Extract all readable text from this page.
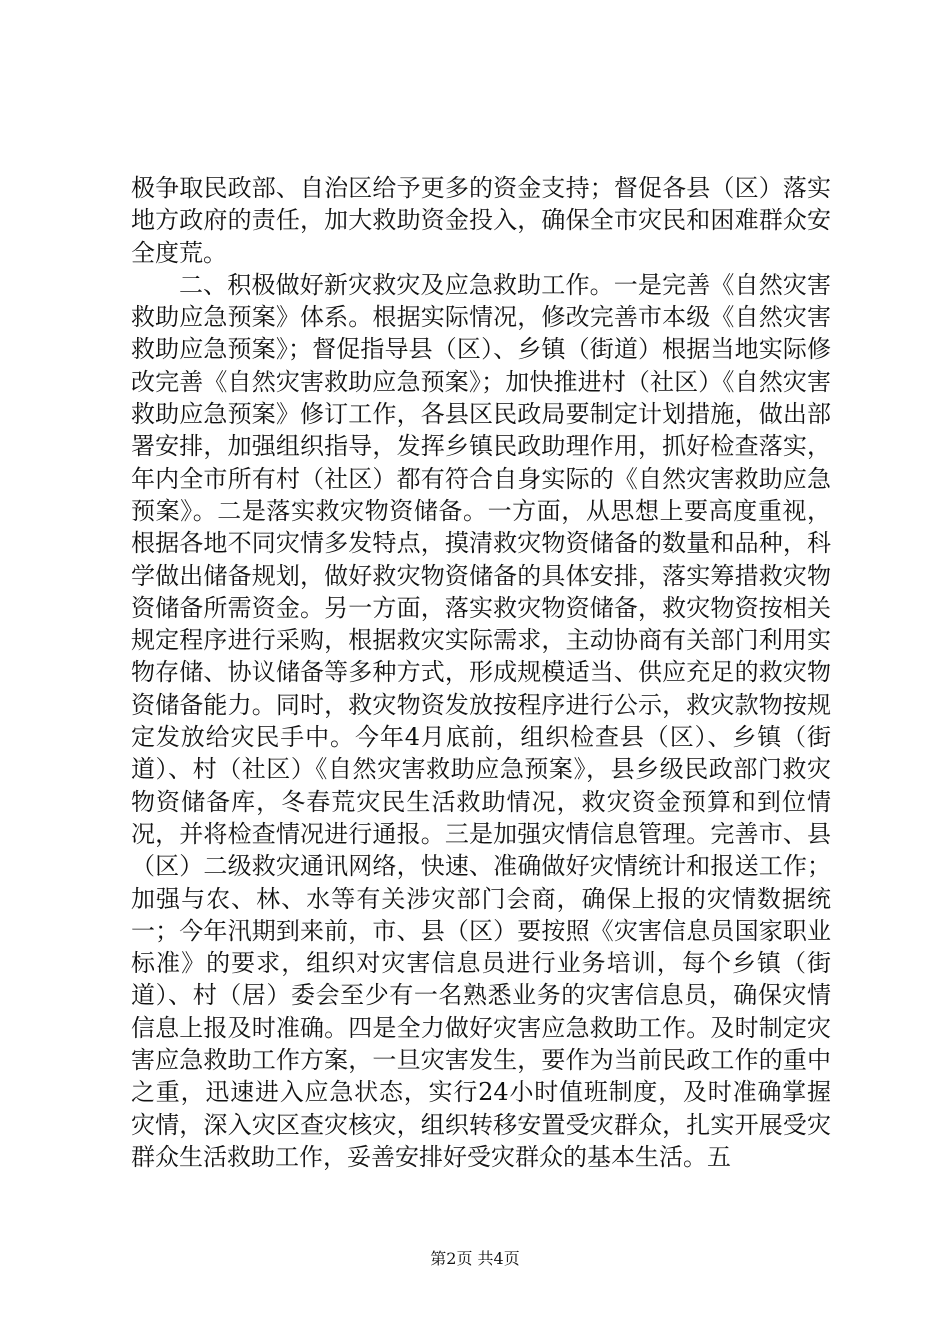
极争取民政部、自治区给予更多的资金支持；督促各县（区）落实地方政府的责任，加大救助资金投入，确保全市灾民和困难群众安全度荒。

二、积极做好新灾救灾及应急救助工作。一是完善《自然灾害救助应急预案》体系。根据实际情况，修改完善市本级《自然灾害救助应急预案》；督促指导县（区）、乡镇（街道）根据当地实际修改完善《自然灾害救助应急预案》；加快推进村（社区）《自然灾害救助应急预案》修订工作，各县区民政局要制定计划措施，做出部署安排，加强组织指导，发挥乡镇民政助理作用，抓好检查落实，年内全市所有村（社区）都有符合自身实际的《自然灾害救助应急预案》。二是落实救灾物资储备。一方面，从思想上要高度重视，根据各地不同灾情多发特点，摸清救灾物资储备的数量和品种，科学做出储备规划，做好救灾物资储备的具体安排，落实筹措救灾物资储备所需资金。另一方面，落实救灾物资储备，救灾物资按相关规定程序进行采购，根据救灾实际需求，主动协商有关部门利用实物存储、协议储备等多种方式，形成规模适当、供应充足的救灾物资储备能力。同时，救灾物资发放按程序进行公示，救灾款物按规定发放给灾民手中。今年4月底前，组织检查县（区）、乡镇（街道）、村（社区）《自然灾害救助应急预案》，县乡级民政部门救灾物资储备库，冬春荒灾民生活救助情况，救灾资金预算和到位情况，并将检查情况进行通报。三是加强灾情信息管理。完善市、县（区）二级救灾通讯网络，快速、准确做好灾情统计和报送工作；加强与农、林、水等有关涉灾部门会商，确保上报的灾情数据统一；今年汛期到来前，市、县（区）要按照《灾害信息员国家职业标准》的要求，组织对灾害信息员进行业务培训，每个乡镇（街道）、村（居）委会至少有一名熟悉业务的灾害信息员，确保灾情信息上报及时准确。四是全力做好灾害应急救助工作。及时制定灾害应急救助工作方案，一旦灾害发生，要作为当前民政工作的重中之重，迅速进入应急状态，实行24小时值班制度，及时准确掌握灾情，深入灾区查灾核灾，组织转移安置受灾群众，扎实开展受灾群众生活救助工作，妥善安排好受灾群众的基本生活。五

第2页 共4页
